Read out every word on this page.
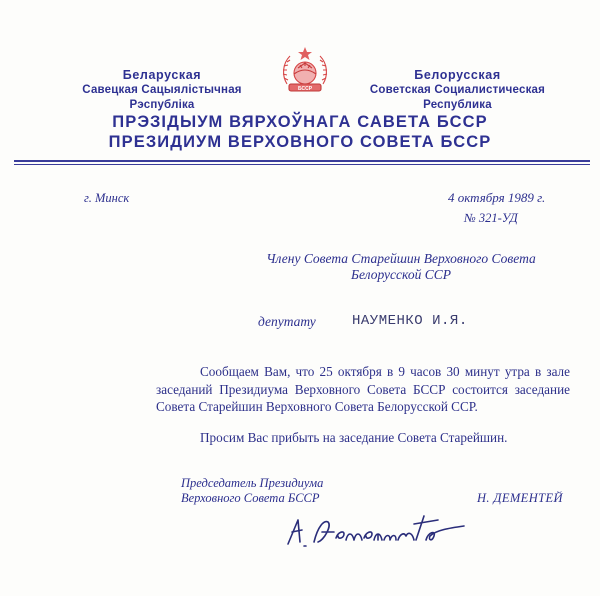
Беларуская
Савецкая Сацыялістычная Рэспубліка
БССР
Белорусская
Советская Социалистическая Республика
ПРЭЗІДЫУМ ВЯРХОЎНАГА САВЕТА БССР
ПРЕЗИДИУМ ВЕРХОВНОГО СОВЕТА БССР
г. Минск	4 октября 1989 г.
№ 321-УД
Члену Совета Старейшин Верховного Совета
Белорусской ССР
депутату	НАУМЕНКО И.Я.
Сообщаем Вам, что 25 октября в 9 часов 30 минут утра в зале заседаний Президиума Верховного Совета БССР состоится заседание Совета Старейшин Верховного Совета Белорусской ССР.
Просим Вас прибыть на заседание Совета Старейшин.
Председатель Президиума
Верховного Совета БССР	Н. ДЕМЕНТЕЙ
